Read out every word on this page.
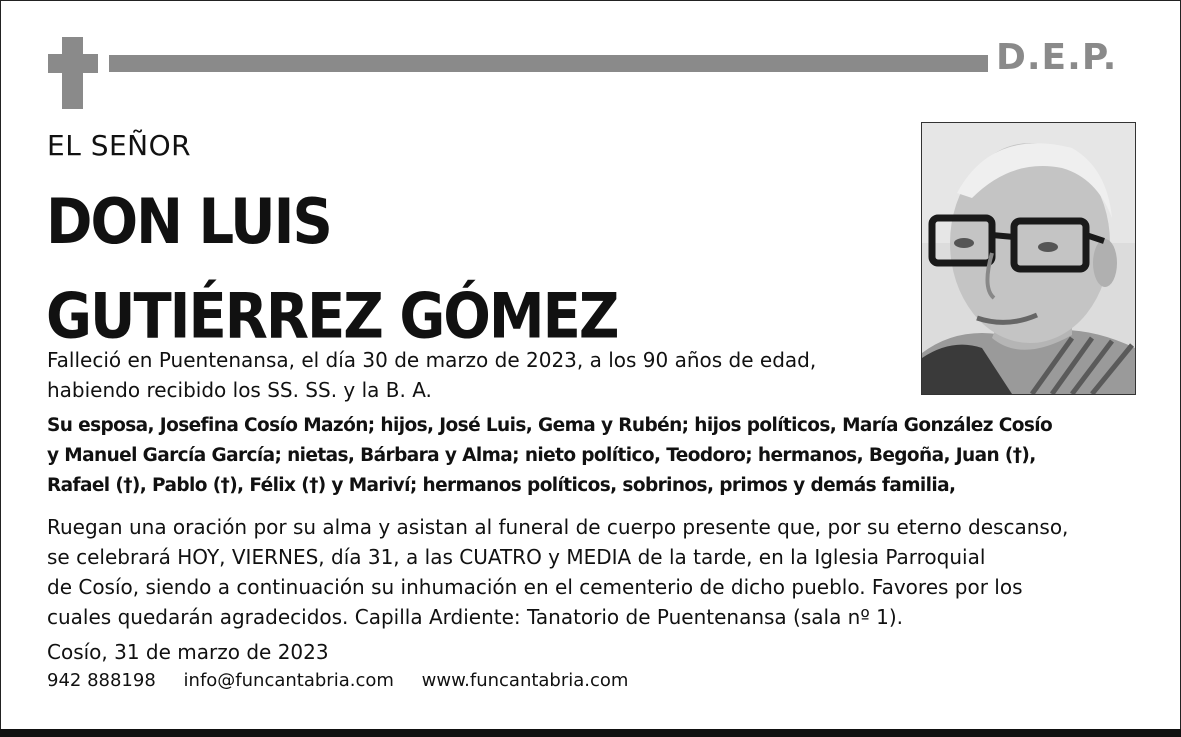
D.E.P.
EL SEÑOR
DON LUIS
GUTIÉRREZ GÓMEZ
Falleció en Puentenansa, el día 30 de marzo de 2023, a los 90 años de edad,
habiendo recibido los SS. SS. y la B. A.
Su esposa, Josefina Cosío Mazón; hijos, José Luis, Gema y Rubén; hijos políticos, María González Cosío
y Manuel García García; nietas, Bárbara y Alma; nieto político, Teodoro; hermanos, Begoña, Juan (†),
Rafael (†), Pablo (†), Félix (†) y Mariví; hermanos políticos, sobrinos, primos y demás familia,
Ruegan una oración por su alma y asistan al funeral de cuerpo presente que, por su eterno descanso,
se celebrará HOY, VIERNES, día 31, a las CUATRO y MEDIA de la tarde, en la Iglesia Parroquial
de Cosío, siendo a continuación su inhumación en el cementerio de dicho pueblo. Favores por los
cuales quedarán agradecidos. Capilla Ardiente: Tanatorio de Puentenansa (sala nº 1).
Cosío, 31 de marzo de 2023
942 888198 info@funcantabria.com www.funcantabria.com
